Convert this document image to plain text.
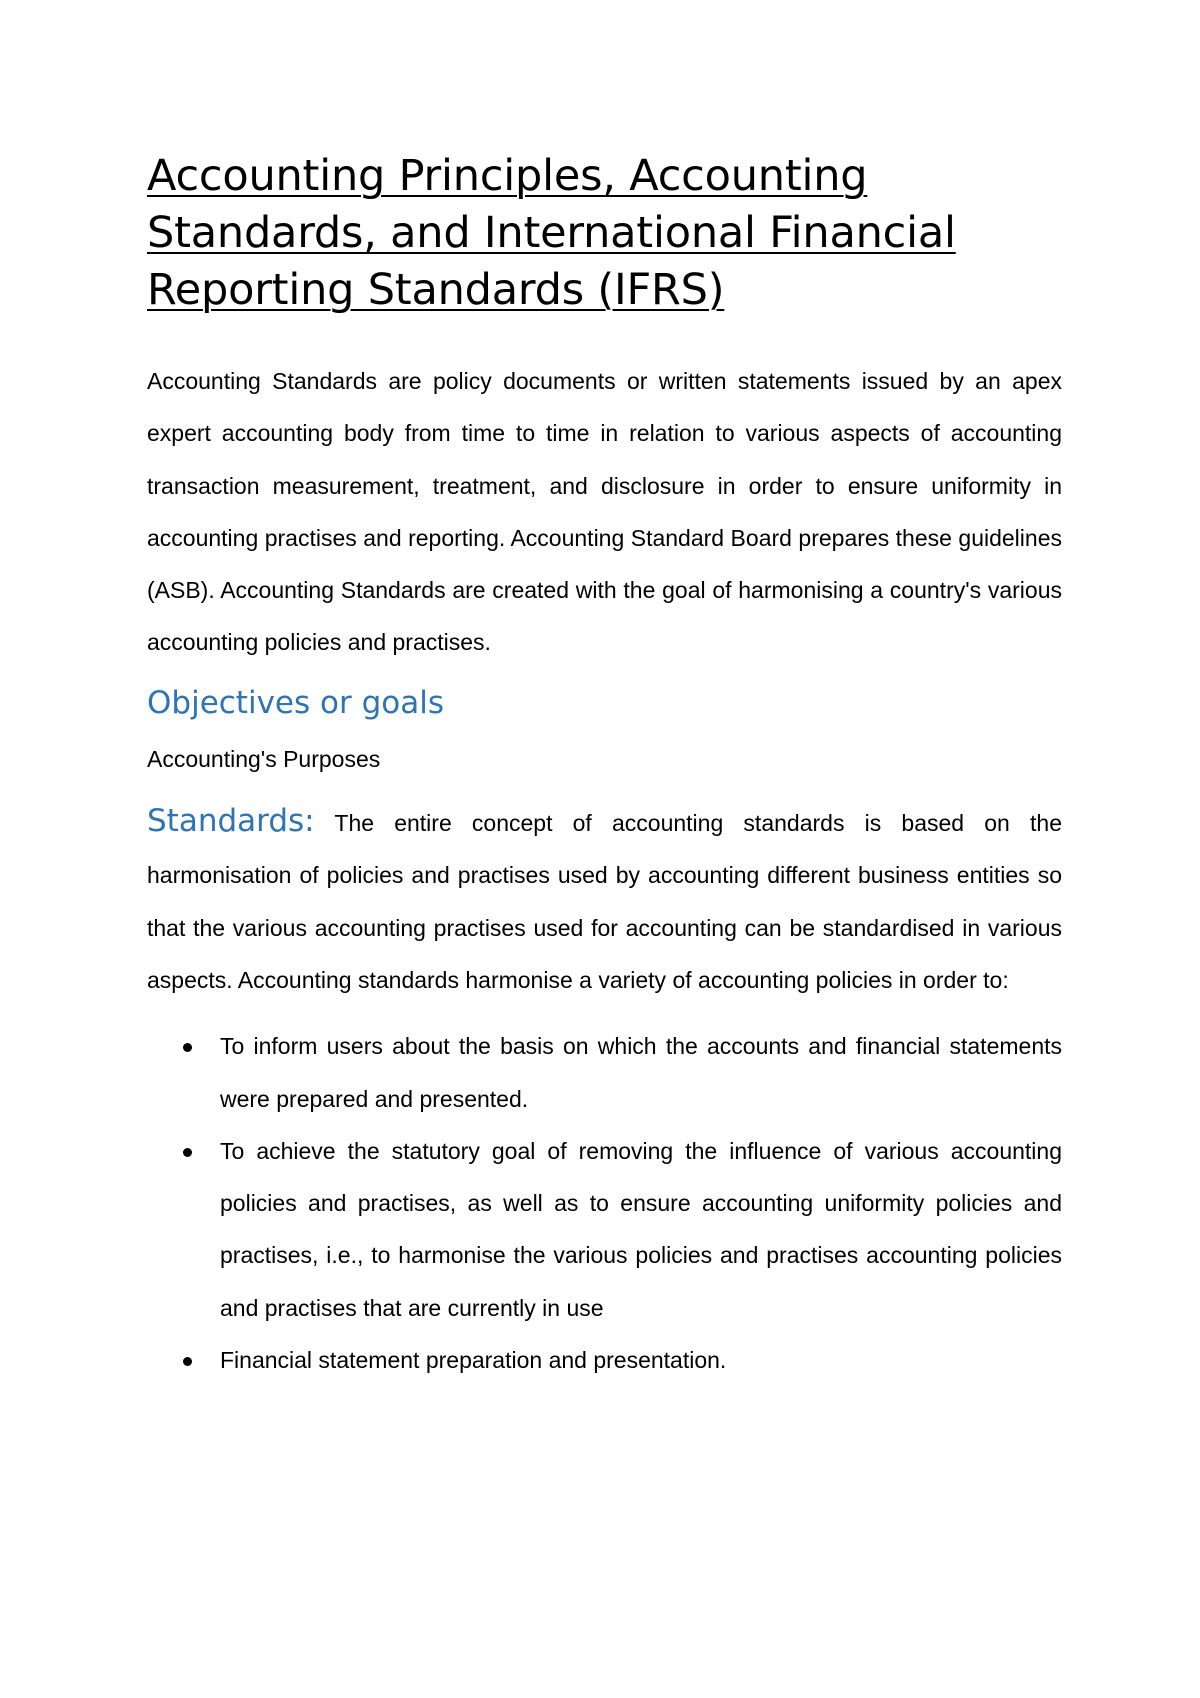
Accounting Principles, Accounting Standards, and International Financial Reporting Standards (IFRS)

Accounting Standards are policy documents or written statements issued by an apex expert accounting body from time to time in relation to various aspects of accounting transaction measurement, treatment, and disclosure in order to ensure uniformity in accounting practises and reporting. Accounting Standard Board prepares these guidelines (ASB). Accounting Standards are created with the goal of harmonising a country's various accounting policies and practises.

Objectives or goals

Accounting's Purposes

Standards: The entire concept of accounting standards is based on the harmonisation of policies and practises used by accounting different business entities so that the various accounting practises used for accounting can be standardised in various aspects. Accounting standards harmonise a variety of accounting policies in order to:

To inform users about the basis on which the accounts and financial statements were prepared and presented.
To achieve the statutory goal of removing the influence of various accounting policies and practises, as well as to ensure accounting uniformity policies and practises, i.e., to harmonise the various policies and practises accounting policies and practises that are currently in use
Financial statement preparation and presentation.
